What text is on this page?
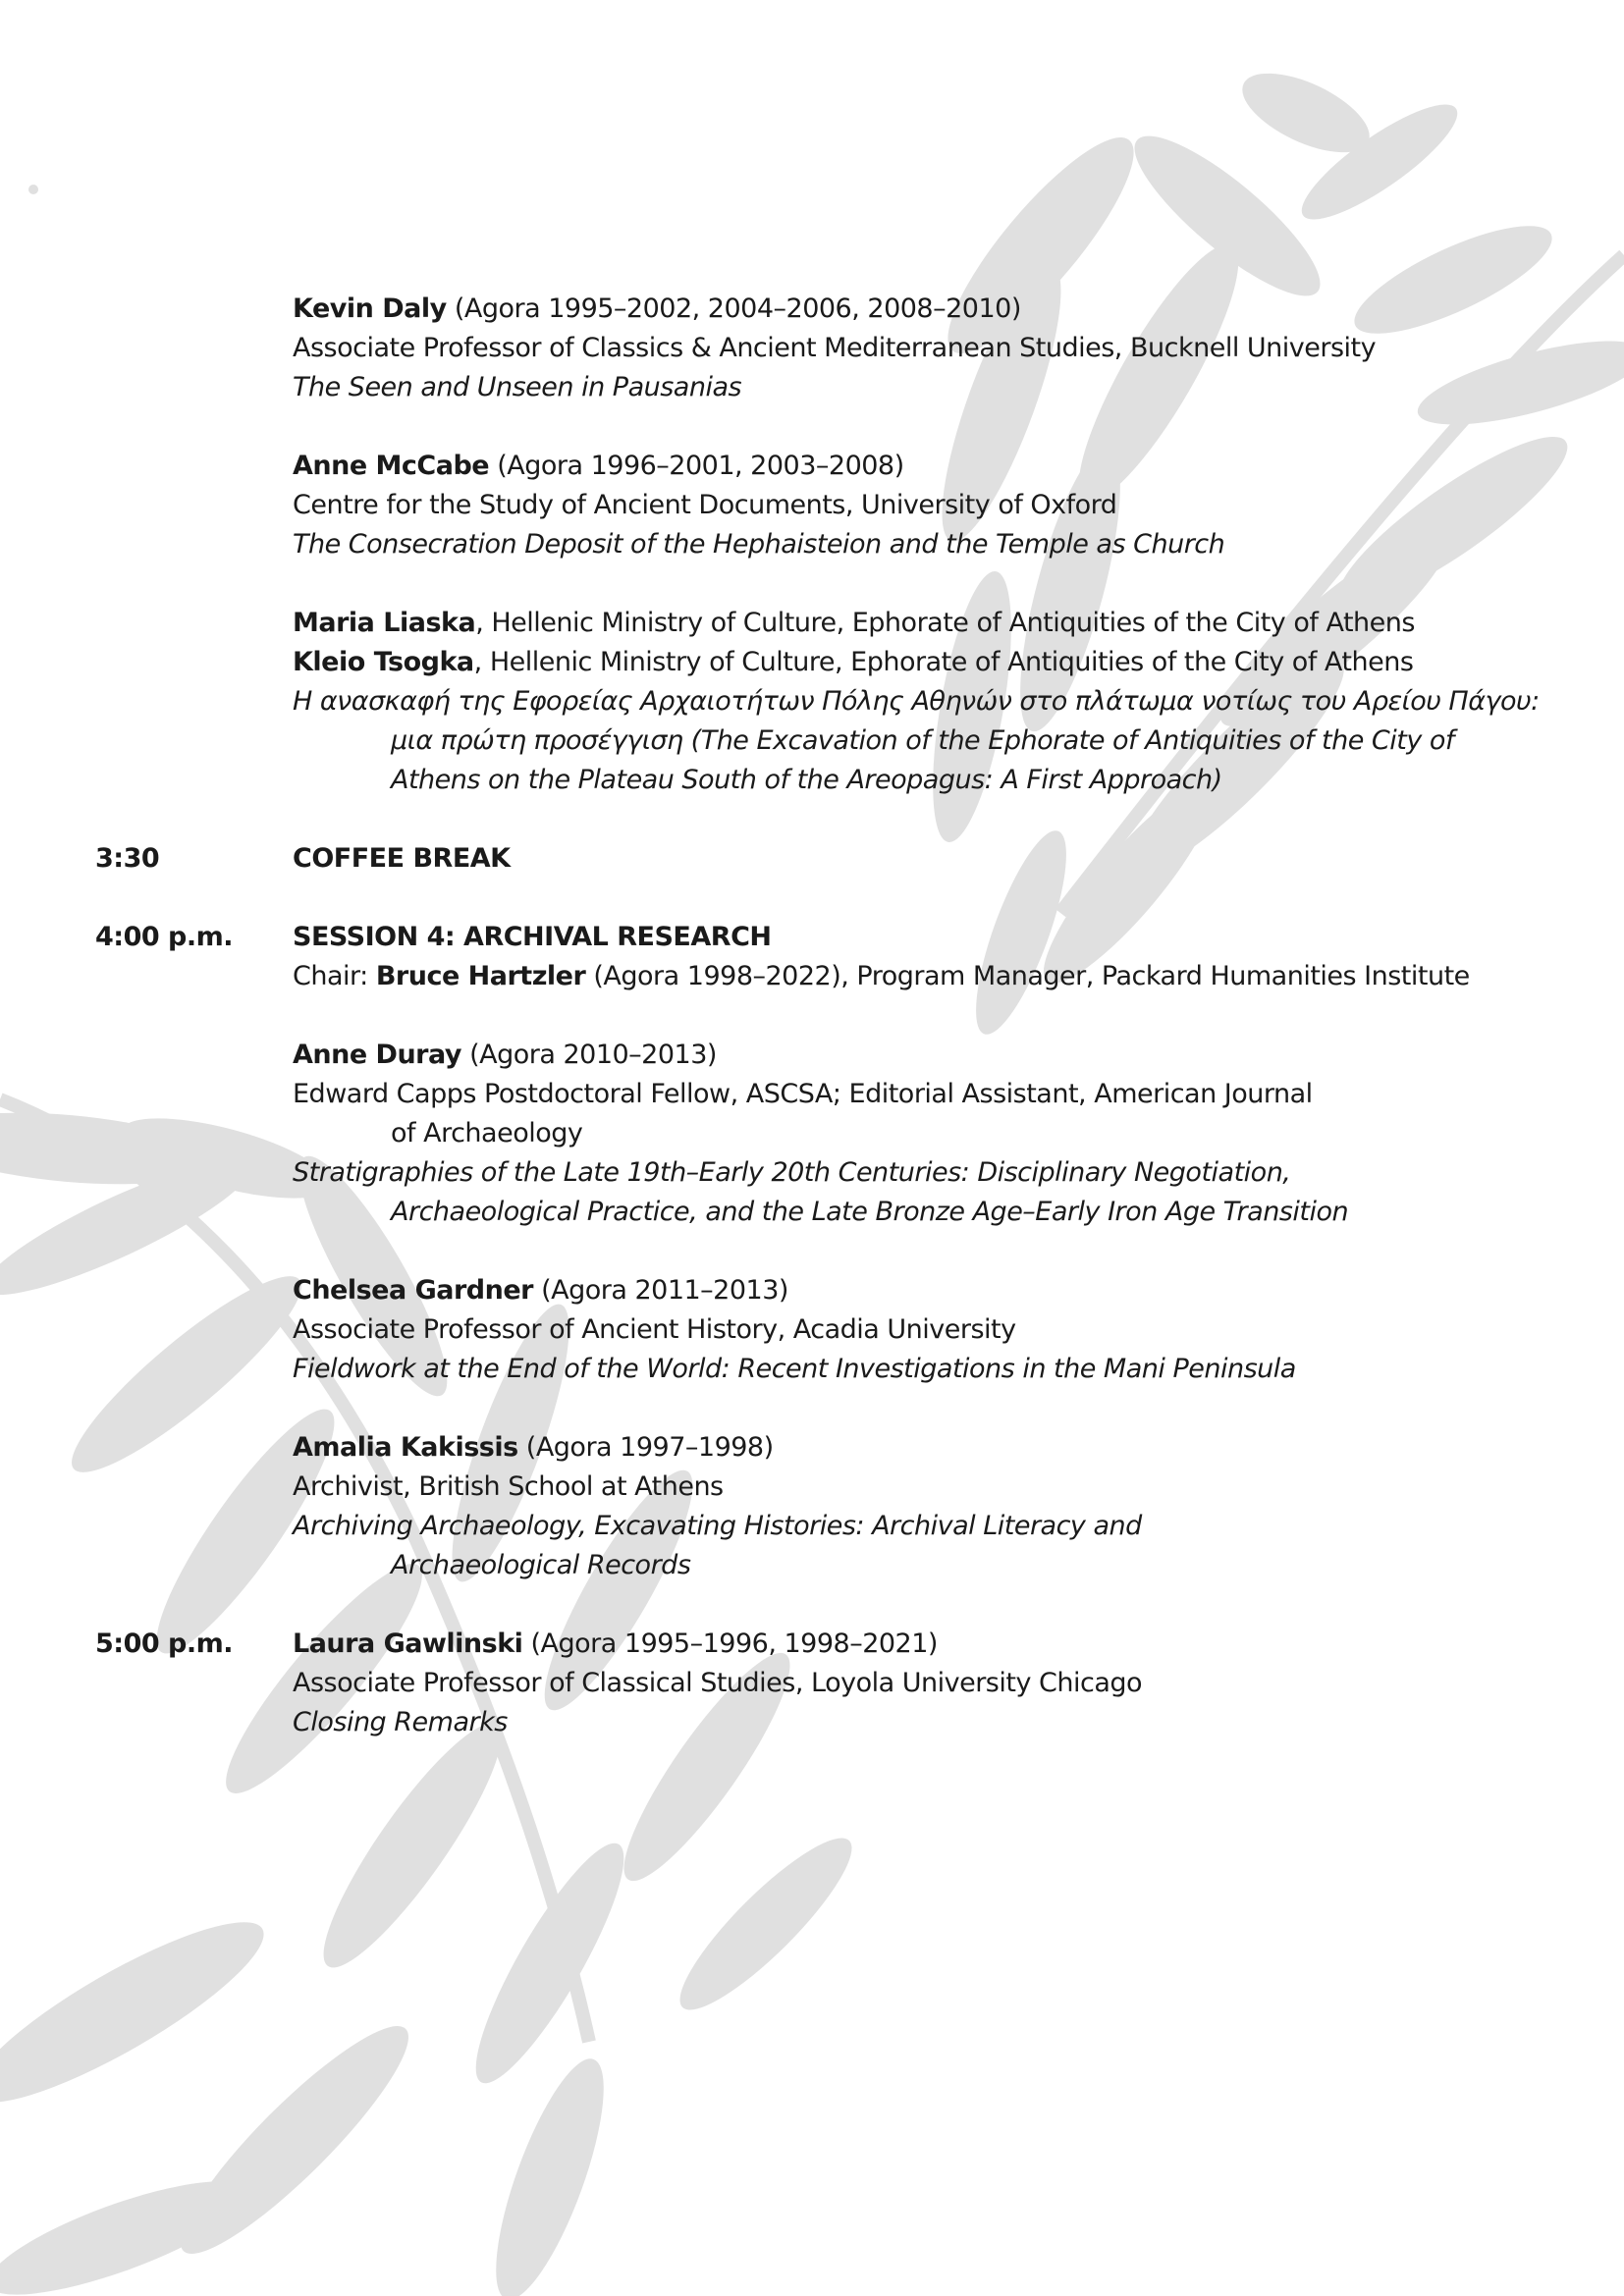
Kevin Daly (Agora 1995–2002, 2004–2006, 2008–2010)
Associate Professor of Classics & Ancient Mediterranean Studies, Bucknell University
The Seen and Unseen in Pausanias
Anne McCabe (Agora 1996–2001, 2003–2008)
Centre for the Study of Ancient Documents, University of Oxford
The Consecration Deposit of the Hephaisteion and the Temple as Church
Maria Liaska, Hellenic Ministry of Culture, Ephorate of Antiquities of the City of Athens
Kleio Tsogka, Hellenic Ministry of Culture, Ephorate of Antiquities of the City of Athens
Η ανασκαφή της Εφορείας Αρχαιοτήτων Πόλης Αθηνών στο πλάτωμα νοτίως του Αρείου Πάγου:
μια πρώτη προσέγγιση (The Excavation of the Ephorate of Antiquities of the City of
Athens on the Plateau South of the Areopagus: A First Approach)
3:30	COFFEE BREAK
4:00 p.m. SESSION 4: ARCHIVAL RESEARCH
Chair: Bruce Hartzler (Agora 1998–2022), Program Manager, Packard Humanities Institute
Anne Duray (Agora 2010–2013)
Edward Capps Postdoctoral Fellow, ASCSA; Editorial Assistant, American Journal
of Archaeology
Stratigraphies of the Late 19th–Early 20th Centuries: Disciplinary Negotiation,
Archaeological Practice, and the Late Bronze Age–Early Iron Age Transition
Chelsea Gardner (Agora 2011–2013)
Associate Professor of Ancient History, Acadia University
Fieldwork at the End of the World: Recent Investigations in the Mani Peninsula
Amalia Kakissis (Agora 1997–1998)
Archivist, British School at Athens
Archiving Archaeology, Excavating Histories: Archival Literacy and
Archaeological Records
5:00 p.m. Laura Gawlinski (Agora 1995–1996, 1998–2021)
Associate Professor of Classical Studies, Loyola University Chicago
Closing Remarks
